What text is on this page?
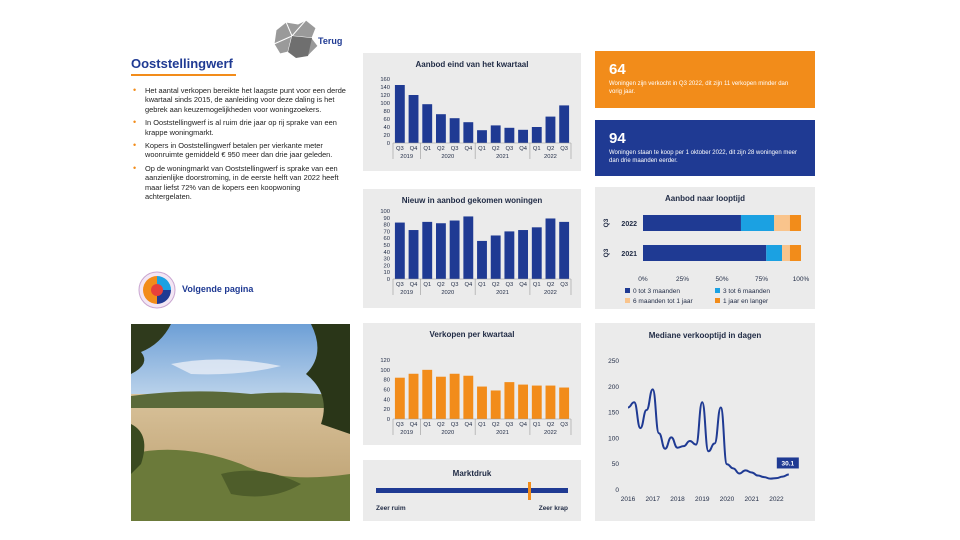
Terug
Ooststellingwerf
• Het aantal verkopen bereikte het laagste punt voor een derde kwartaal sinds 2015, de aanleiding voor deze daling is het gebrek aan keuzemogelijkheden voor woningzoekers.
• In Ooststellingwerf is al ruim drie jaar op rij sprake van een krappe woningmarkt.
• Kopers in Ooststellingwerf betalen per vierkante meter woonruimte gemiddeld € 950 meer dan drie jaar geleden.
• Op de woningmarkt van Ooststellingwerf is sprake van een aanzienlijke doorstroming, in de eerste helft van 2022 heeft maar liefst 72% van de kopers een koopwoning achtergelaten.
Volgende pagina
Aanbod eind van het kwartaal
0
20
40
60
80
100
120
140
160
Q3 Q4 Q1 Q2 Q3 Q4 Q1 Q2 Q3 Q4 Q1 Q2 Q3
2019	2020	2021	2022
Nieuw in aanbod gekomen woningen
0
10
20
30
40
50
60
70
80
90
100
Q3 Q4 Q1 Q2 Q3 Q4 Q1 Q2 Q3 Q4 Q1 Q2 Q3
2019	2020	2021	2022
Verkopen per kwartaal
0
20
40
60
80
100
120
Q3 Q4 Q1 Q2 Q3 Q4 Q1 Q2 Q3 Q4 Q1 Q2 Q3
2019	2020	2021	2022
Marktdruk
Zeer ruim	Zeer krap
64
Woningen zijn verkocht in Q3 2022, dit zijn 11 verkopen minder dan vorig jaar.
94
Woningen staan te koop per 1 oktober 2022, dit zijn 28 woningen meer dan drie maanden eerder.
Aanbod naar looptijd
2022
Q3
2021
Q3
0%	25%	50%	75%	100%
0 tot 3 maanden	3 tot 6 maanden
6 maanden tot 1 jaar	1 jaar en langer
Mediane verkooptijd in dagen
0
50
100
150
200
250
2016 2017 2018 2019 2020 2021 2022
30.1
